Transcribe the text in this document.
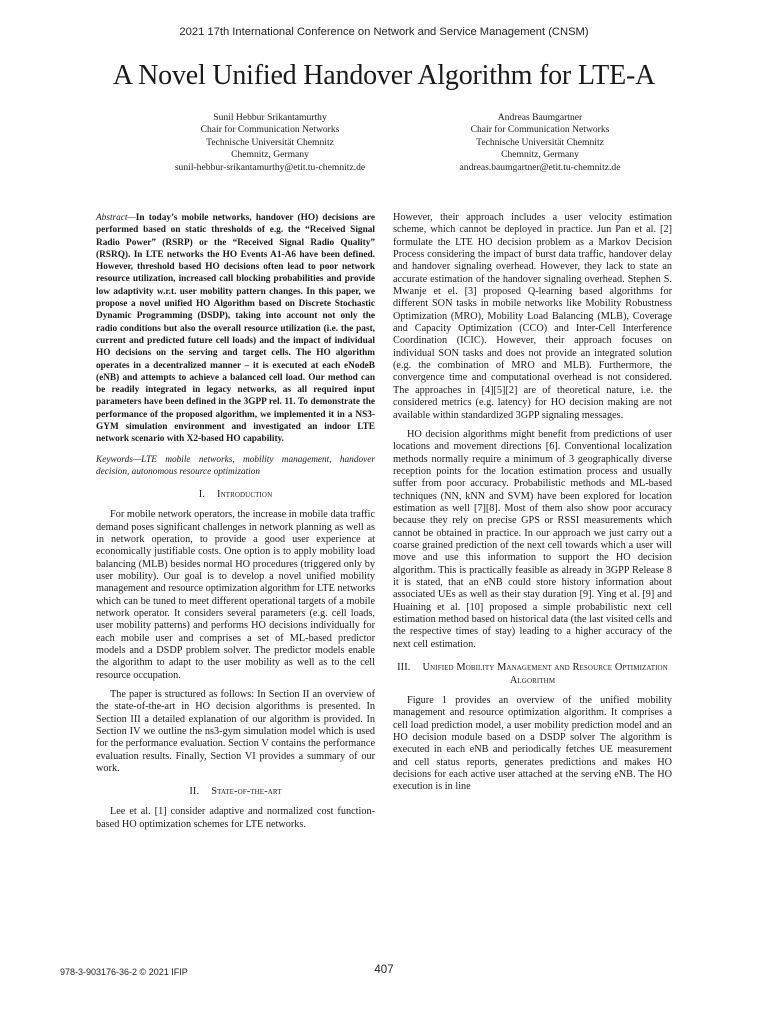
2021 17th International Conference on Network and Service Management (CNSM)
A Novel Unified Handover Algorithm for LTE-A
Sunil Hebbur Srikantamurthy
Chair for Communication Networks
Technische Universität Chemnitz
Chemnitz, Germany
sunil-hebbur-srikantamurthy@etit.tu-chemnitz.de
Andreas Baumgartner
Chair for Communication Networks
Technische Universität Chemnitz
Chemnitz, Germany
andreas.baumgartner@etit.tu-chemnitz.de

Abstract—In today’s mobile networks, handover (HO) decisions are performed based on static thresholds of e.g. the “Received Signal Radio Power” (RSRP) or the “Received Signal Radio Quality” (RSRQ). In LTE networks the HO Events A1-A6 have been defined. However, threshold based HO decisions often lead to poor network resource utilization, increased call blocking probabilities and provide low adaptivity w.r.t. user mobility pattern changes. In this paper, we propose a novel unified HO Algorithm based on Discrete Stochastic Dynamic Programming (DSDP), taking into account not only the radio conditions but also the overall resource utilization (i.e. the past, current and predicted future cell loads) and the impact of individual HO decisions on the serving and target cells. The HO algorithm operates in a decentralized manner – it is executed at each eNodeB (eNB) and attempts to achieve a balanced cell load. Our method can be readily integrated in legacy networks, as all required input parameters have been defined in the 3GPP rel. 11. To demonstrate the performance of the proposed algorithm, we implemented it in a NS3-GYM simulation environment and investigated an indoor LTE network scenario with X2-based HO capability.

Keywords—LTE mobile networks, mobility management, handover decision, autonomous resource optimization

I. Introduction

For mobile network operators, the increase in mobile data traffic demand poses significant challenges in network planning as well as in network operation, to provide a good user experience at economically justifiable costs. One option is to apply mobility load balancing (MLB) besides normal HO procedures (triggered only by user mobility). Our goal is to develop a novel unified mobility management and resource optimization algorithm for LTE networks which can be tuned to meet different operational targets of a mobile network operator. It considers several parameters (e.g. cell loads, user mobility patterns) and performs HO decisions individually for each mobile user and comprises a set of ML-based predictor models and a DSDP problem solver. The predictor models enable the algorithm to adapt to the user mobility as well as to the cell resource occupation.

The paper is structured as follows: In Section II an overview of the state-of-the-art in HO decision algorithms is presented. In Section III a detailed explanation of our algorithm is provided. In Section IV we outline the ns3-gym simulation model which is used for the performance evaluation. Section V contains the performance evaluation results. Finally, Section VI provides a summary of our work.

II. State-of-the-art

Lee et al. [1] consider adaptive and normalized cost function-based HO optimization schemes for LTE networks.

However, their approach includes a user velocity estimation scheme, which cannot be deployed in practice. Jun Pan et al. [2] formulate the LTE HO decision problem as a Markov Decision Process considering the impact of burst data traffic, handover delay and handover signaling overhead. However, they lack to state an accurate estimation of the handover signaling overhead. Stephen S. Mwanje et el. [3] proposed Q-learning based algorithms for different SON tasks in mobile networks like Mobility Robustness Optimization (MRO), Mobility Load Balancing (MLB), Coverage and Capacity Optimization (CCO) and Inter-Cell Interference Coordination (ICIC). However, their approach focuses on individual SON tasks and does not provide an integrated solution (e.g. the combination of MRO and MLB). Furthermore, the convergence time and computational overhead is not considered. The approaches in [4][5][2] are of theoretical nature, i.e. the considered metrics (e.g. latency) for HO decision making are not available within standardized 3GPP signaling messages.

HO decision algorithms might benefit from predictions of user locations and movement directions [6]. Conventional localization methods normally require a minimum of 3 geographically diverse reception points for the location estimation process and usually suffer from poor accuracy. Probabilistic methods and ML-based techniques (NN, kNN and SVM) have been explored for location estimation as well [7][8]. Most of them also show poor accuracy because they rely on precise GPS or RSSI measurements which cannot be obtained in practice. In our approach we just carry out a coarse grained prediction of the next cell towards which a user will move and use this information to support the HO decision algorithm. This is practically feasible as already in 3GPP Release 8 it is stated, that an eNB could store history information about associated UEs as well as their stay duration [9]. Ying et al. [9] and Huaining et al. [10] proposed a simple probabilistic next cell estimation method based on historical data (the last visited cells and the respective times of stay) leading to a higher accuracy of the next cell estimation.

III. Unified Mobility Management and Resource Optimization Algorithm

Figure 1 provides an overview of the unified mobility management and resource optimization algorithm. It comprises a cell load prediction model, a user mobility prediction model and an HO decision module based on a DSDP solver The algorithm is executed in each eNB and periodically fetches UE measurement and cell status reports, generates predictions and makes HO decisions for each active user attached at the serving eNB. The HO execution is in line

978-3-903176-36-2 © 2021 IFIP	407
